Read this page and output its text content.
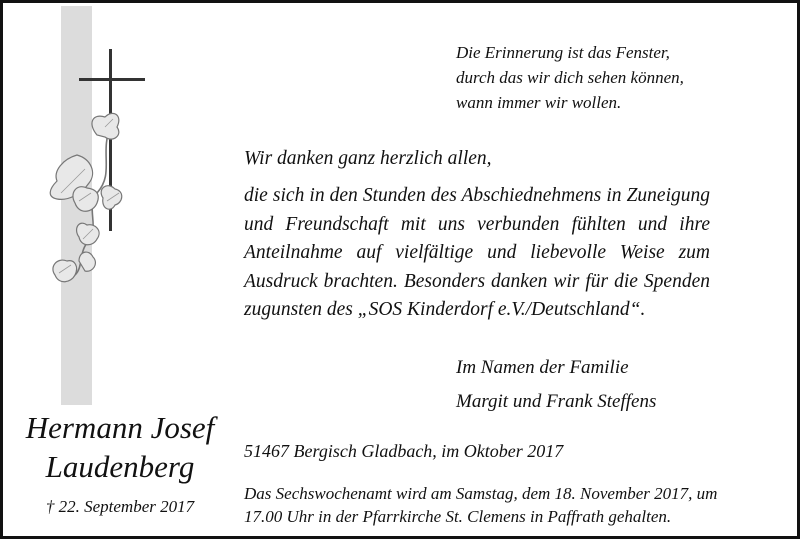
Die Erinnerung ist das Fenster,
durch das wir dich sehen können,
wann immer wir wollen.
Wir danken ganz herzlich allen,
die sich in den Stunden des Abschiednehmens in Zuneigung
und Freundschaft mit uns verbunden fühlten und ihre
Anteilnahme auf vielfältige und liebevolle Weise zum
Ausdruck brachten. Besonders danken wir für die Spenden
zugunsten des „SOS Kinderdorf e.V./Deutschland“.
Im Namen der Familie
Margit und Frank Steffens
Hermann Josef
Laudenberg
† 22. September 2017
51467 Bergisch Gladbach, im Oktober 2017
Das Sechswochenamt wird am Samstag, dem 18. November 2017, um
17.00 Uhr in der Pfarrkirche St. Clemens in Paffrath gehalten.
